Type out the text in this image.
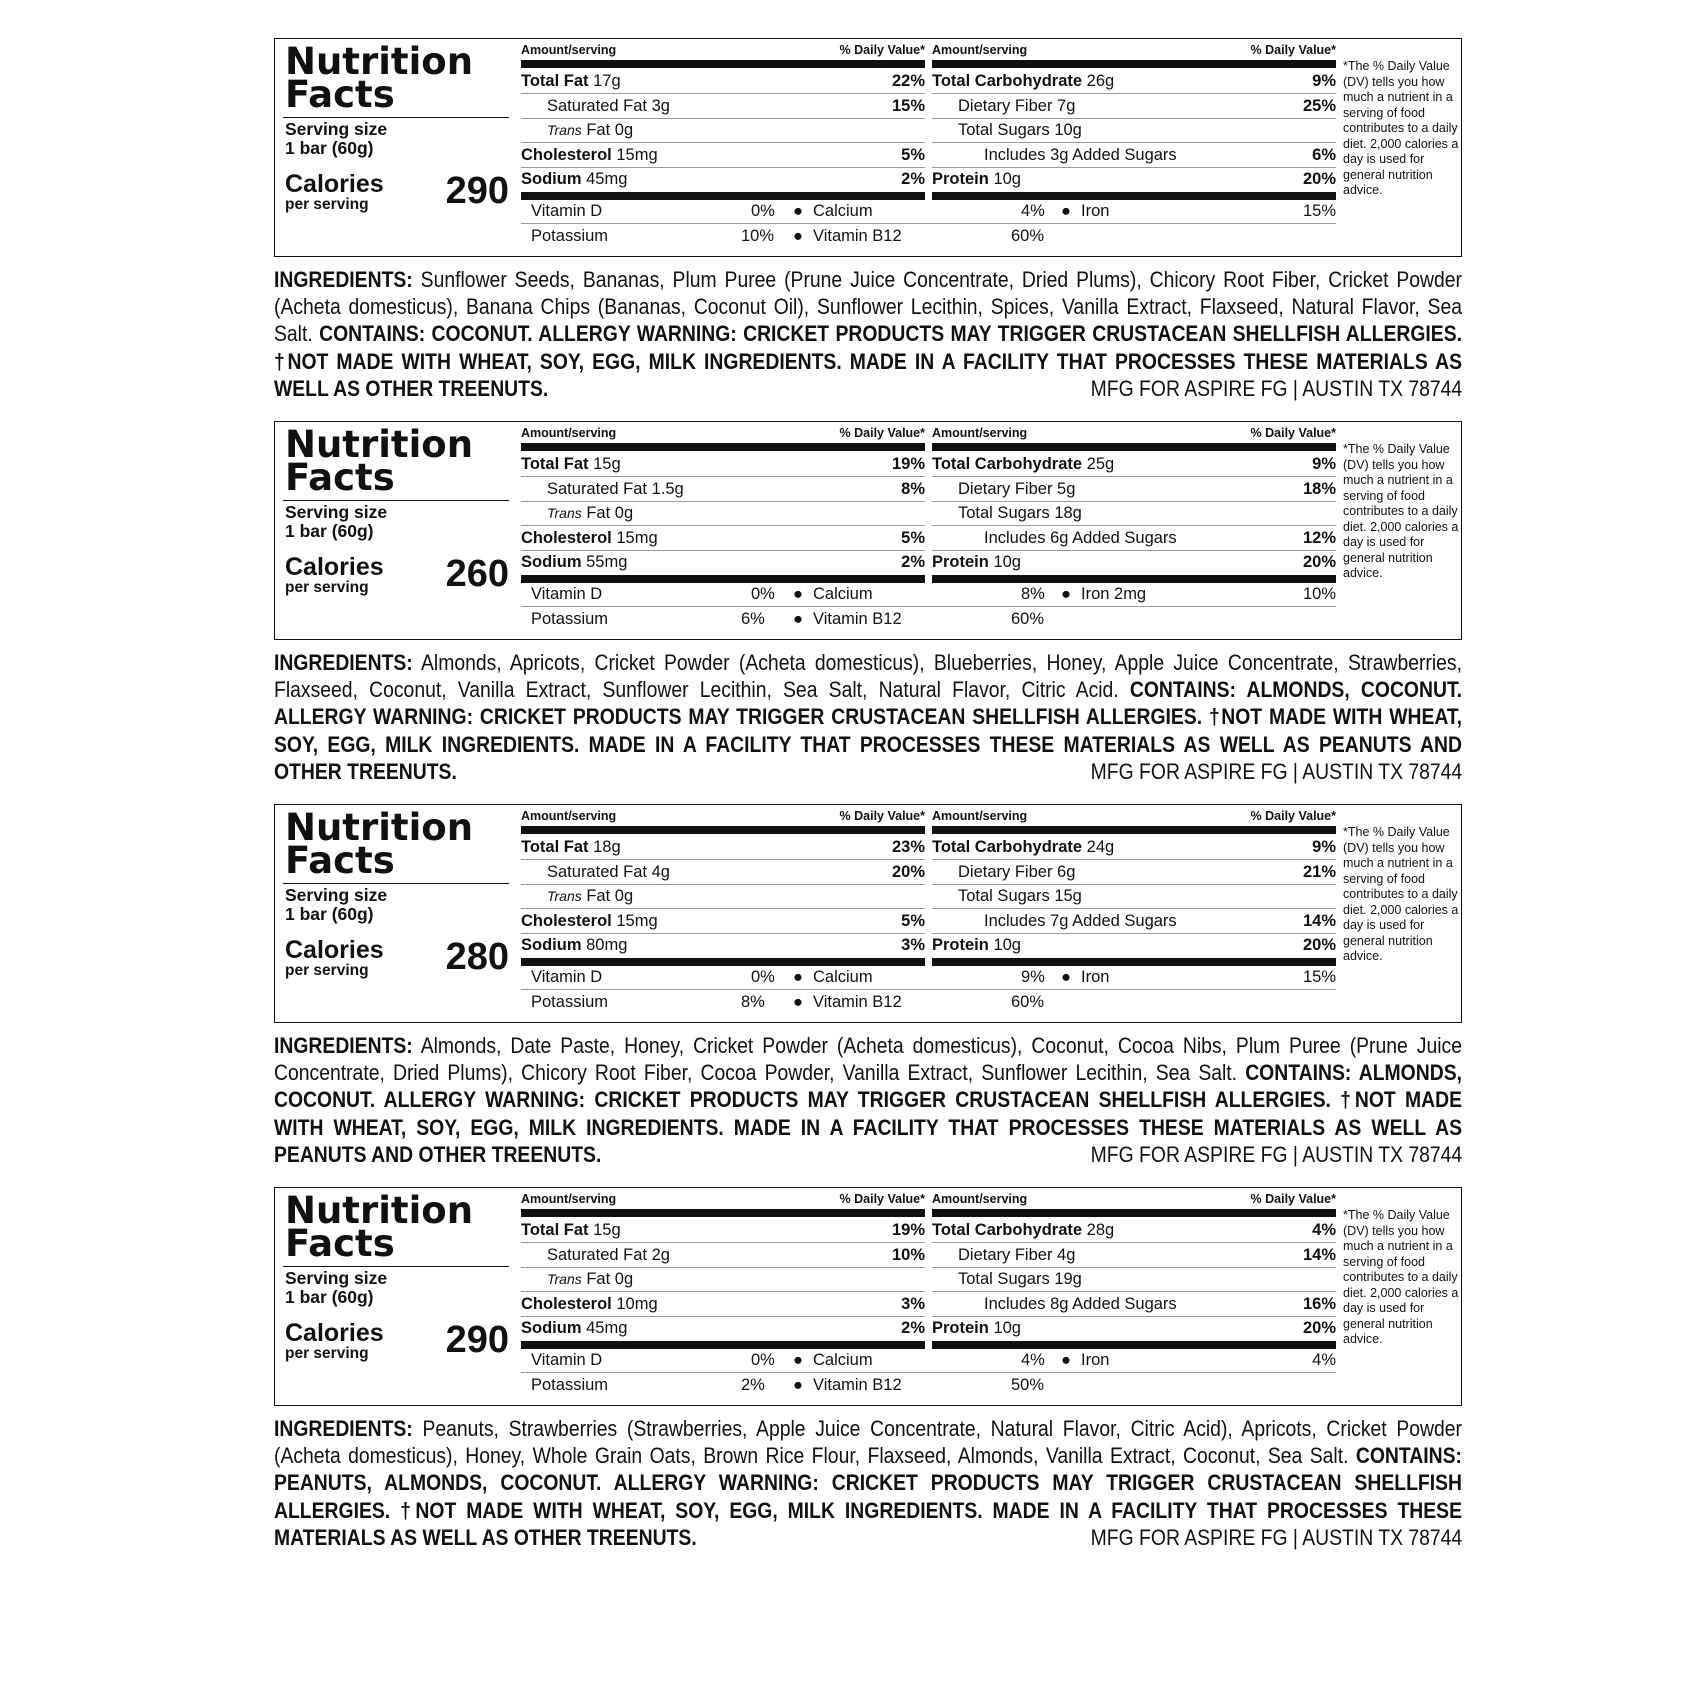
Nutrition Facts
Serving size
1 bar (60g)
Calories
per serving 290
Amount/serving	% Daily Value*
Total Fat 17g	22%
Saturated Fat 3g	15%
Trans Fat 0g
Cholesterol 15mg	5%
Sodium 45mg	2%
Amount/serving	% Daily Value*
Total Carbohydrate 26g	9%
Dietary Fiber 7g	25%
Total Sugars 10g
Includes 3g Added Sugars	6%
Protein 10g	20%
Vitamin D	0% ● Calcium	4% ● Iron	15%
Potassium	10% ● Vitamin B12	60%
*The % Daily Value (DV) tells you how much a nutrient in a serving of food contributes to a daily diet. 2,000 calories a day is used for general nutrition advice.
INGREDIENTS: Sunflower Seeds, Bananas, Plum Puree (Prune Juice Concentrate, Dried Plums), Chicory Root Fiber, Cricket Powder (Acheta domesticus), Banana Chips (Bananas, Coconut Oil), Sunflower Lecithin, Spices, Vanilla Extract, Flaxseed, Natural Flavor, Sea Salt. CONTAINS: COCONUT. ALLERGY WARNING: CRICKET PRODUCTS MAY TRIGGER CRUSTACEAN SHELLFISH ALLERGIES. †NOT MADE WITH WHEAT, SOY, EGG, MILK INGREDIENTS. MADE IN A FACILITY THAT PROCESSES THESE MATERIALS AS WELL AS OTHER TREENUTS.	MFG FOR ASPIRE FG | AUSTIN TX 78744
Nutrition Facts
Serving size
1 bar (60g)
Calories
per serving 260
Amount/serving	% Daily Value*
Total Fat 15g	19%
Saturated Fat 1.5g	8%
Trans Fat 0g
Cholesterol 15mg	5%
Sodium 55mg	2%
Amount/serving	% Daily Value*
Total Carbohydrate 25g	9%
Dietary Fiber 5g	18%
Total Sugars 18g
Includes 6g Added Sugars	12%
Protein 10g	20%
Vitamin D	0% ● Calcium	8% ● Iron 2mg	10%
Potassium	6% ● Vitamin B12	60%
*The % Daily Value (DV) tells you how much a nutrient in a serving of food contributes to a daily diet. 2,000 calories a day is used for general nutrition advice.
INGREDIENTS: Almonds, Apricots, Cricket Powder (Acheta domesticus), Blueberries, Honey, Apple Juice Concentrate, Strawberries, Flaxseed, Coconut, Vanilla Extract, Sunflower Lecithin, Sea Salt, Natural Flavor, Citric Acid. CONTAINS: ALMONDS, COCONUT. ALLERGY WARNING: CRICKET PRODUCTS MAY TRIGGER CRUSTACEAN SHELLFISH ALLERGIES. †NOT MADE WITH WHEAT, SOY, EGG, MILK INGREDIENTS. MADE IN A FACILITY THAT PROCESSES THESE MATERIALS AS WELL AS PEANUTS AND OTHER TREENUTS.	MFG FOR ASPIRE FG | AUSTIN TX 78744
Nutrition Facts
Serving size
1 bar (60g)
Calories
per serving 280
Amount/serving	% Daily Value*
Total Fat 18g	23%
Saturated Fat 4g	20%
Trans Fat 0g
Cholesterol 15mg	5%
Sodium 80mg	3%
Amount/serving	% Daily Value*
Total Carbohydrate 24g	9%
Dietary Fiber 6g	21%
Total Sugars 15g
Includes 7g Added Sugars	14%
Protein 10g	20%
Vitamin D	0% ● Calcium	9% ● Iron	15%
Potassium	8% ● Vitamin B12	60%
*The % Daily Value (DV) tells you how much a nutrient in a serving of food contributes to a daily diet. 2,000 calories a day is used for general nutrition advice.
INGREDIENTS: Almonds, Date Paste, Honey, Cricket Powder (Acheta domesticus), Coconut, Cocoa Nibs, Plum Puree (Prune Juice Concentrate, Dried Plums), Chicory Root Fiber, Cocoa Powder, Vanilla Extract, Sunflower Lecithin, Sea Salt. CONTAINS: ALMONDS, COCONUT. ALLERGY WARNING: CRICKET PRODUCTS MAY TRIGGER CRUSTACEAN SHELLFISH ALLERGIES. †NOT MADE WITH WHEAT, SOY, EGG, MILK INGREDIENTS. MADE IN A FACILITY THAT PROCESSES THESE MATERIALS AS WELL AS PEANUTS AND OTHER TREENUTS.	MFG FOR ASPIRE FG | AUSTIN TX 78744
Nutrition Facts
Serving size
1 bar (60g)
Calories
per serving 290
Amount/serving	% Daily Value*
Total Fat 15g	19%
Saturated Fat 2g	10%
Trans Fat 0g
Cholesterol 10mg	3%
Sodium 45mg	2%
Amount/serving	% Daily Value*
Total Carbohydrate 28g	4%
Dietary Fiber 4g	14%
Total Sugars 19g
Includes 8g Added Sugars	16%
Protein 10g	20%
Vitamin D	0% ● Calcium	4% ● Iron	4%
Potassium	2% ● Vitamin B12	50%
*The % Daily Value (DV) tells you how much a nutrient in a serving of food contributes to a daily diet. 2,000 calories a day is used for general nutrition advice.
INGREDIENTS: Peanuts, Strawberries (Strawberries, Apple Juice Concentrate, Natural Flavor, Citric Acid), Apricots, Cricket Powder (Acheta domesticus), Honey, Whole Grain Oats, Brown Rice Flour, Flaxseed, Almonds, Vanilla Extract, Coconut, Sea Salt. CONTAINS: PEANUTS, ALMONDS, COCONUT. ALLERGY WARNING: CRICKET PRODUCTS MAY TRIGGER CRUSTACEAN SHELLFISH ALLERGIES. †NOT MADE WITH WHEAT, SOY, EGG, MILK INGREDIENTS. MADE IN A FACILITY THAT PROCESSES THESE MATERIALS AS WELL AS OTHER TREENUTS.	MFG FOR ASPIRE FG | AUSTIN TX 78744
